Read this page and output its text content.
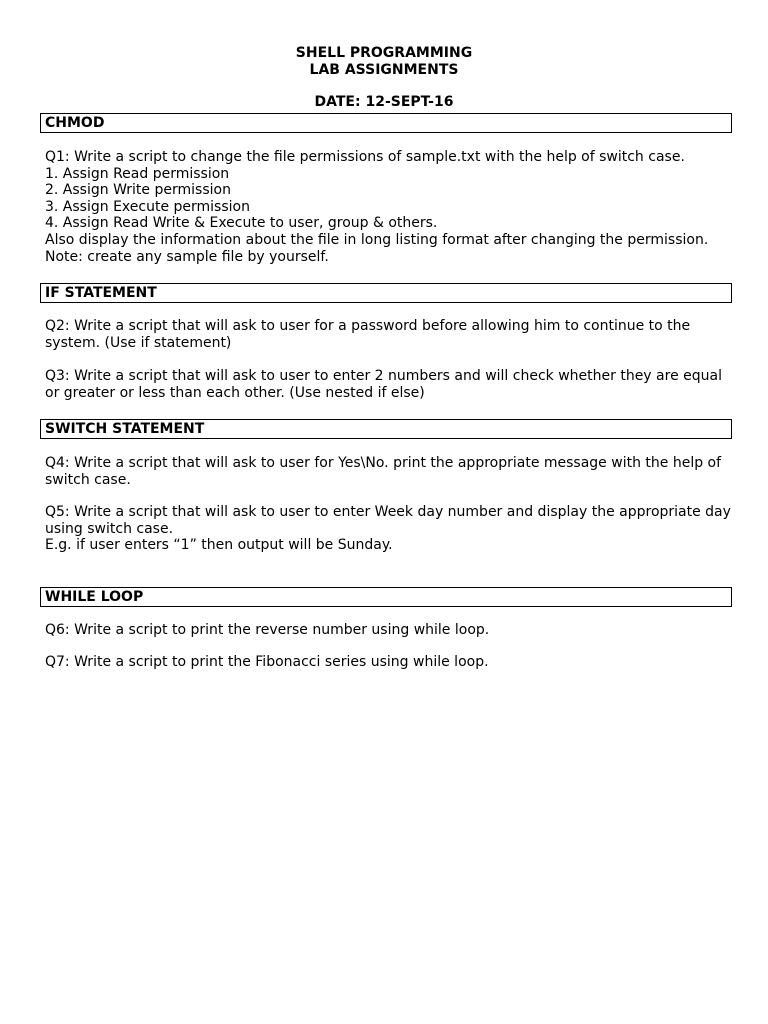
SHELL PROGRAMMING
LAB ASSIGNMENTS
DATE: 12-SEPT-16
CHMOD

Q1: Write a script to change the file permissions of sample.txt with the help of switch case.

1. Assign Read permission

2. Assign Write permission

3. Assign Execute permission

4. Assign Read Write & Execute to user, group & others.

Also display the information about the file in long listing format after changing the permission.

Note: create any sample file by yourself.

IF STATEMENT

Q2: Write a script that will ask to user for a password before allowing him to continue to the system. (Use if statement)

Q3: Write a script that will ask to user to enter 2 numbers and will check whether they are equal or greater or less than each other. (Use nested if else)

SWITCH STATEMENT

Q4: Write a script that will ask to user for Yes\No. print the appropriate message with the help of switch case.

Q5: Write a script that will ask to user to enter Week day number and display the appropriate day using switch case.

E.g. if user enters “1” then output will be Sunday.

WHILE LOOP

Q6: Write a script to print the reverse number using while loop.

Q7: Write a script to print the Fibonacci series using while loop.
